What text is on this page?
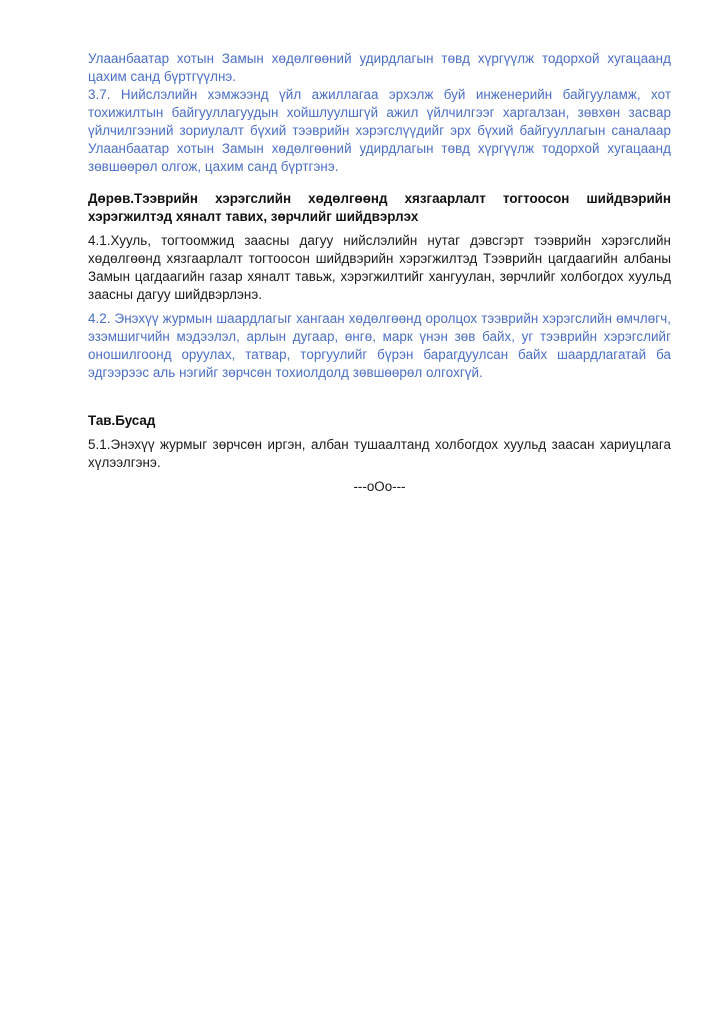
Улаанбаатар хотын Замын хөдөлгөөний удирдлагын төвд хүргүүлж тодорхой хугацаанд цахим санд бүртгүүлнэ.

3.7. Нийслэлийн хэмжээнд үйл ажиллагаа эрхэлж буй инженерийн байгууламж, хот тохижилтын байгууллагуудын хойшлуулшгүй ажил үйлчилгээг харгалзан, зөвхөн засвар үйлчилгээний зориулалт бүхий тээврийн хэрэгслүүдийг эрх бүхий байгууллагын саналаар Улаанбаатар хотын Замын хөдөлгөөний удирдлагын төвд хүргүүлж тодорхой хугацаанд зөвшөөрөл олгож, цахим санд бүртгэнэ.

Дөрөв.Тээврийн хэрэгслийн хөдөлгөөнд хязгаарлалт тогтоосон шийдвэрийн хэрэгжилтэд хяналт тавих, зөрчлийг шийдвэрлэх

4.1.Хууль, тогтоомжид заасны дагуу нийслэлийн нутаг дэвсгэрт тээврийн хэрэгслийн хөдөлгөөнд хязгаарлалт тогтоосон шийдвэрийн хэрэгжилтэд Тээврийн цагдаагийн албаны Замын цагдаагийн газар хяналт тавьж, хэрэгжилтийг хангуулан, зөрчлийг холбогдох хуульд заасны дагуу шийдвэрлэнэ.

4.2. Энэхүү журмын шаардлагыг хангаан хөдөлгөөнд оролцох тээврийн хэрэгслийн өмчлөгч, эзэмшигчийн мэдээлэл, арлын дугаар, өнгө, марк үнэн зөв байх, уг тээврийн хэрэгслийг оношилгоонд оруулах, татвар, торгуулийг бүрэн барагдуулсан байх шаардлагатай ба эдгээрээс аль нэгийг зөрчсөн тохиолдолд зөвшөөрөл олгохгүй.

Тав.Бусад

5.1.Энэхүү журмыг зөрчсөн иргэн, албан тушаалтанд холбогдох хуульд заасан хариуцлага хүлээлгэнэ.

---oOo---
